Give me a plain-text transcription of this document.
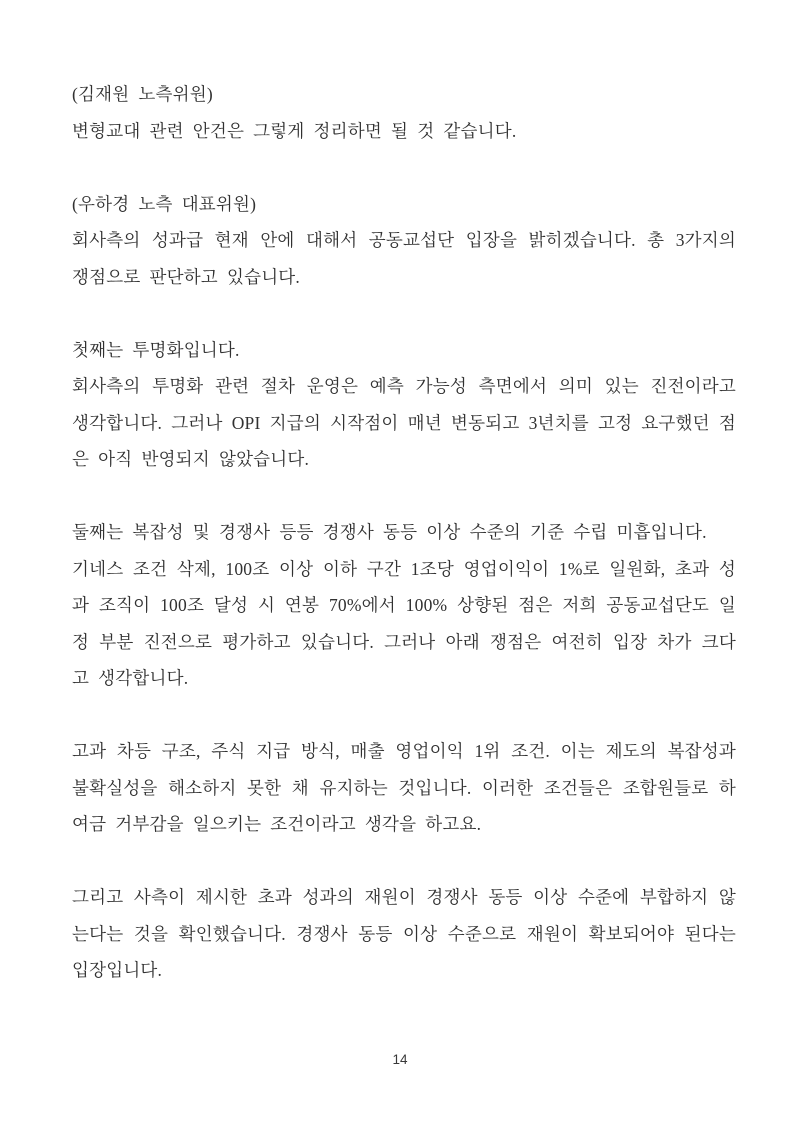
(김재원 노측위원)

변형교대 관련 안건은 그렇게 정리하면 될 것 같습니다.

(우하경 노측 대표위원)

회사측의 성과급 현재 안에 대해서 공동교섭단 입장을 밝히겠습니다. 총 3가지의 쟁점으로 판단하고 있습니다.

첫째는 투명화입니다.

회사측의 투명화 관련 절차 운영은 예측 가능성 측면에서 의미 있는 진전이라고 생각합니다. 그러나 OPI 지급의 시작점이 매년 변동되고 3년치를 고정 요구했던 점은 아직 반영되지 않았습니다.

둘째는 복잡성 및 경쟁사 등등 경쟁사 동등 이상 수준의 기준 수립 미흡입니다.

기네스 조건 삭제, 100조 이상 이하 구간 1조당 영업이익이 1%로 일원화, 초과 성과 조직이 100조 달성 시 연봉 70%에서 100% 상향된 점은 저희 공동교섭단도 일정 부분 진전으로 평가하고 있습니다. 그러나 아래 쟁점은 여전히 입장 차가 크다고 생각합니다.

고과 차등 구조, 주식 지급 방식, 매출 영업이익 1위 조건. 이는 제도의 복잡성과 불확실성을 해소하지 못한 채 유지하는 것입니다. 이러한 조건들은 조합원들로 하여금 거부감을 일으키는 조건이라고 생각을 하고요.

그리고 사측이 제시한 초과 성과의 재원이 경쟁사 동등 이상 수준에 부합하지 않는다는 것을 확인했습니다. 경쟁사 동등 이상 수준으로 재원이 확보되어야 된다는 입장입니다.

14
